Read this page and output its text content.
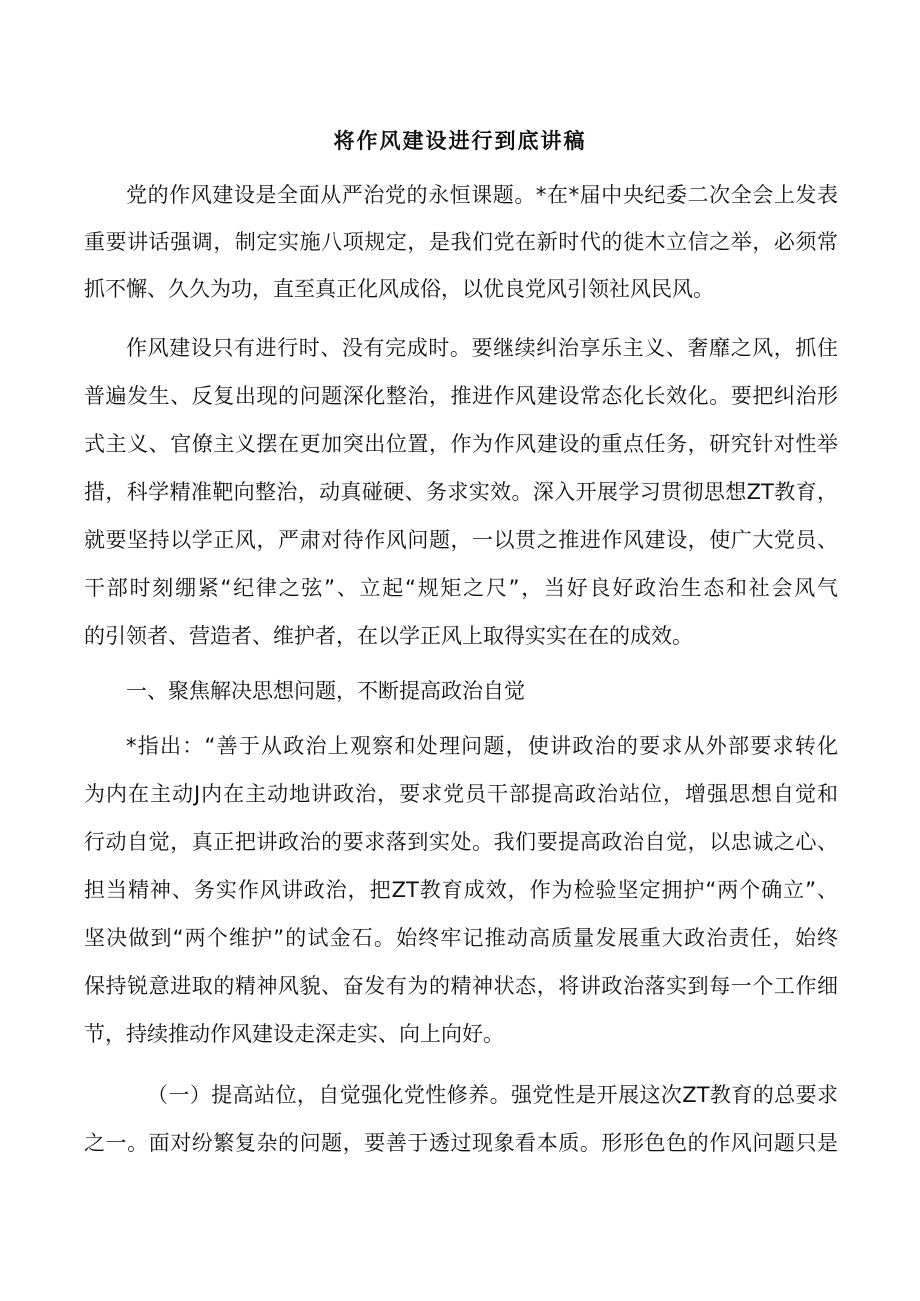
将作风建设进行到底讲稿

党的作风建设是全面从严治党的永恒课题。*在*届中央纪委二次全会上发表

重要讲话强调，制定实施八项规定，是我们党在新时代的徙木立信之举，必须常

抓不懈、久久为功，直至真正化风成俗，以优良党风引领社风民风。

作风建设只有进行时、没有完成时。要继续纠治享乐主义、奢靡之风，抓住

普遍发生、反复出现的问题深化整治，推进作风建设常态化长效化。要把纠治形

式主义、官僚主义摆在更加突出位置，作为作风建设的重点任务，研究针对性举

措，科学精准靶向整治，动真碰硬、务求实效。深入开展学习贯彻思想ZT教育，

就要坚持以学正风，严肃对待作风问题，一以贯之推进作风建设，使广大党员、

干部时刻绷紧“纪律之弦”、立起“规矩之尺”，当好良好政治生态和社会风气

的引领者、营造者、维护者，在以学正风上取得实实在在的成效。

一、聚焦解决思想问题，不断提高政治自觉

*指出：“善于从政治上观察和处理问题，使讲政治的要求从外部要求转化

为内在主动J内在主动地讲政治，要求党员干部提高政治站位，增强思想自觉和

行动自觉，真正把讲政治的要求落到实处。我们要提高政治自觉，以忠诚之心、

担当精神、务实作风讲政治，把ZT教育成效，作为检验坚定拥护“两个确立”、

坚决做到“两个维护”的试金石。始终牢记推动高质量发展重大政治责任，始终

保持锐意进取的精神风貌、奋发有为的精神状态，将讲政治落实到每一个工作细

节，持续推动作风建设走深走实、向上向好。

（一）提高站位，自觉强化党性修养。强党性是开展这次ZT教育的总要求

之一。面对纷繁复杂的问题，要善于透过现象看本质。形形色色的作风问题只是
